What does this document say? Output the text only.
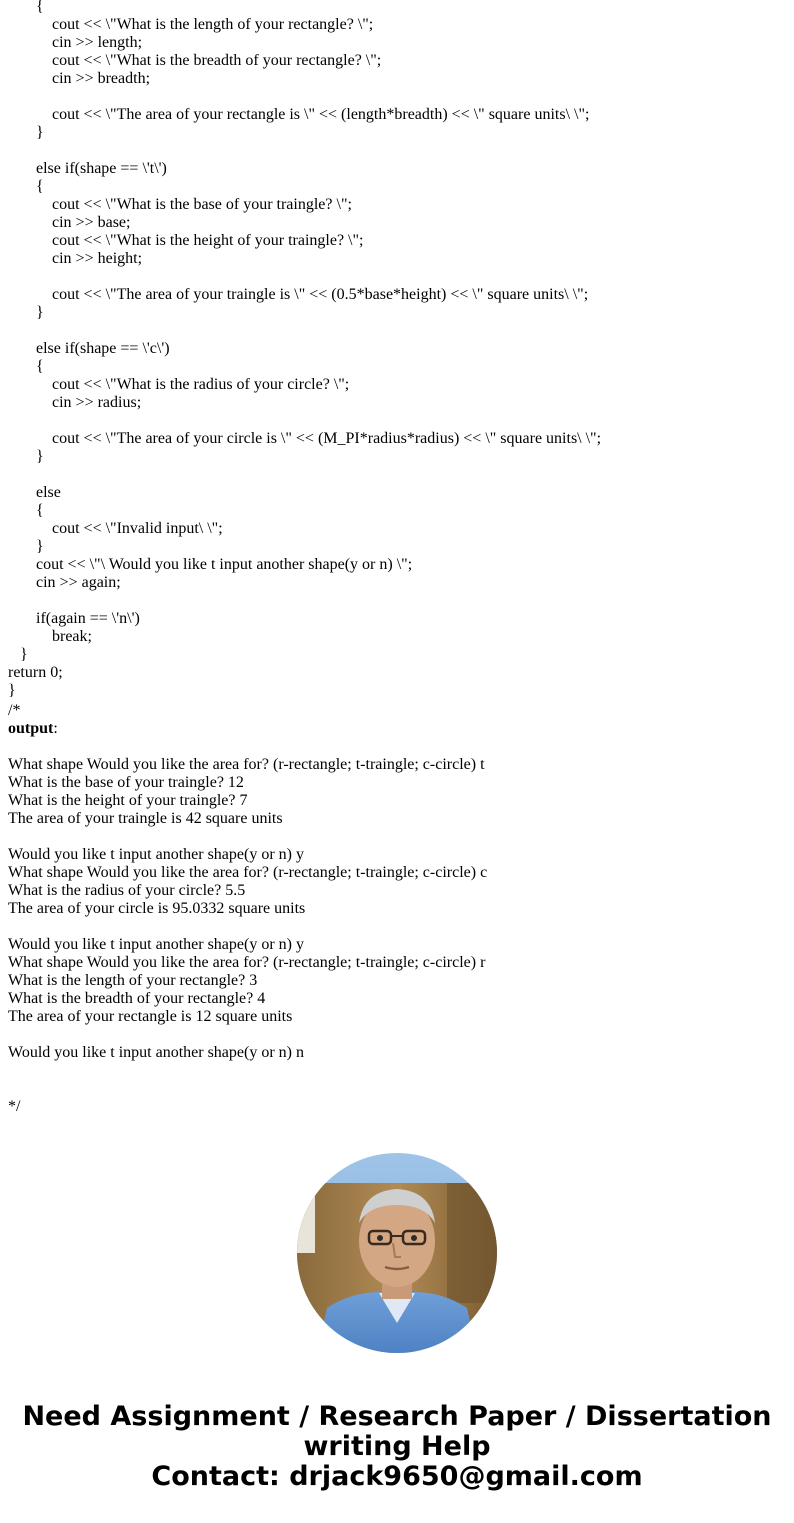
{
cout << \"What is the length of your rectangle? \";
cin >> length;
cout << \"What is the breadth of your rectangle? \";
cin >> breadth;
cout << \"The area of your rectangle is \" << (length*breadth) << \" square units\ \";
}
else if(shape == \'t\')
{
cout << \"What is the base of your traingle? \";
cin >> base;
cout << \"What is the height of your traingle? \";
cin >> height;
cout << \"The area of your traingle is \" << (0.5*base*height) << \" square units\ \";
}
else if(shape == \'c\')
{
cout << \"What is the radius of your circle? \";
cin >> radius;
cout << \"The area of your circle is \" << (M_PI*radius*radius) << \" square units\ \";
}
else
{
cout << \"Invalid input\ \";
}
cout << \"\ Would you like t input another shape(y or n) \";
cin >> again;
if(again == \'n\')
break;
}
return 0;
}
/*
output:
What shape Would you like the area for? (r-rectangle; t-traingle; c-circle) t
What is the base of your traingle? 12
What is the height of your traingle? 7
The area of your traingle is 42 square units
Would you like t input another shape(y or n) y
What shape Would you like the area for? (r-rectangle; t-traingle; c-circle) c
What is the radius of your circle? 5.5
The area of your circle is 95.0332 square units
Would you like t input another shape(y or n) y
What shape Would you like the area for? (r-rectangle; t-traingle; c-circle) r
What is the length of your rectangle? 3
What is the breadth of your rectangle? 4
The area of your rectangle is 12 square units
Would you like t input another shape(y or n) n
*/
Need Assignment / Research Paper / Dissertation
writing Help
Contact: drjack9650@gmail.com
